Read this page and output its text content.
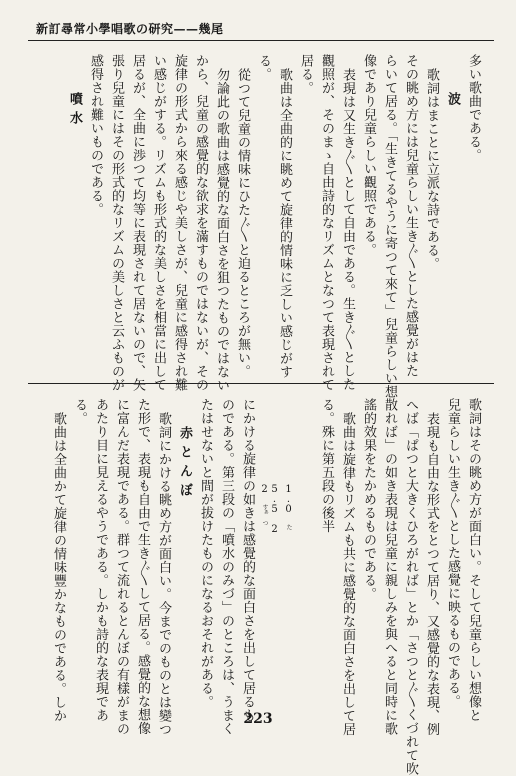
新訂尋常小學唱歌の研究——幾尾
多い歌曲である。
波
歌詞はまことに立派な詩である。
その眺め方には兒童らしい生き〴〵とした感覺がはた
らいて居る。「生きてるやうに寄つて來て」兒童らしい想
像であり兒童らしい觀照である。
表現は又生き〴〵として自由である。生き〴〵とした
觀照が、そのまゝ自由詩的なリズムとなつて表現されて
居る。
歌曲は全曲的に眺めて旋律的情味に乏しい感じがす
る。
從つて兒童の情味にひた〴〵と迫るところが無い。
勿論此の歌曲は感覺的な面白さを狙つたものではない
から、兒童の感覺的な欲求を滿すものではないが、その
旋律の形式から來る感じや美しさが、兒童に感得され難
い感じがする。リズムも形式的な美しさを相當に出して
居るが、全曲に渉つて均等に表現されて居ないので、矢
張り兒童にはその形式的なリズムの美しさと云ふものが
感得され難いものである。
噴水
歌詞はその眺め方が面白い。そして兒童らしい想像と
兒童らしい生き〴〵とした感覺に映るものである。
表現も自由な形式をとつて居り、又感覺的な表現、例
へば「ぱつと大きくひろがれば」とか「さつと〴〵くづれて吹
散れば」の如き表現は兒童に親しみを與へると同時に歌
謠的效果をたかめるものである。
歌曲は旋律もリズムも共に感覺的な面白さを出して居
る。殊に第五段の後半
5.5 2 2 すぁ つ
1.0 た
にかける旋律の如きは感覺的な面白さを出して居るも
のである。第三段の「噴水のみづ」のところは、うまく
たはせないと間が拔けたものになるおそれがある。
赤とんぼ
歌詞にかける眺め方が面白い。今までのものとは變つ
た形で、表現も自由で生き〴〵して居る。感覺的な想像
に富んだ表現である。群つて流れるとんぼの有樣がまの
あたり目に見えるやうである。しかも詩的な表現であ
る。
歌曲は全曲かて旋律の情味豐かなものである。しか	223
